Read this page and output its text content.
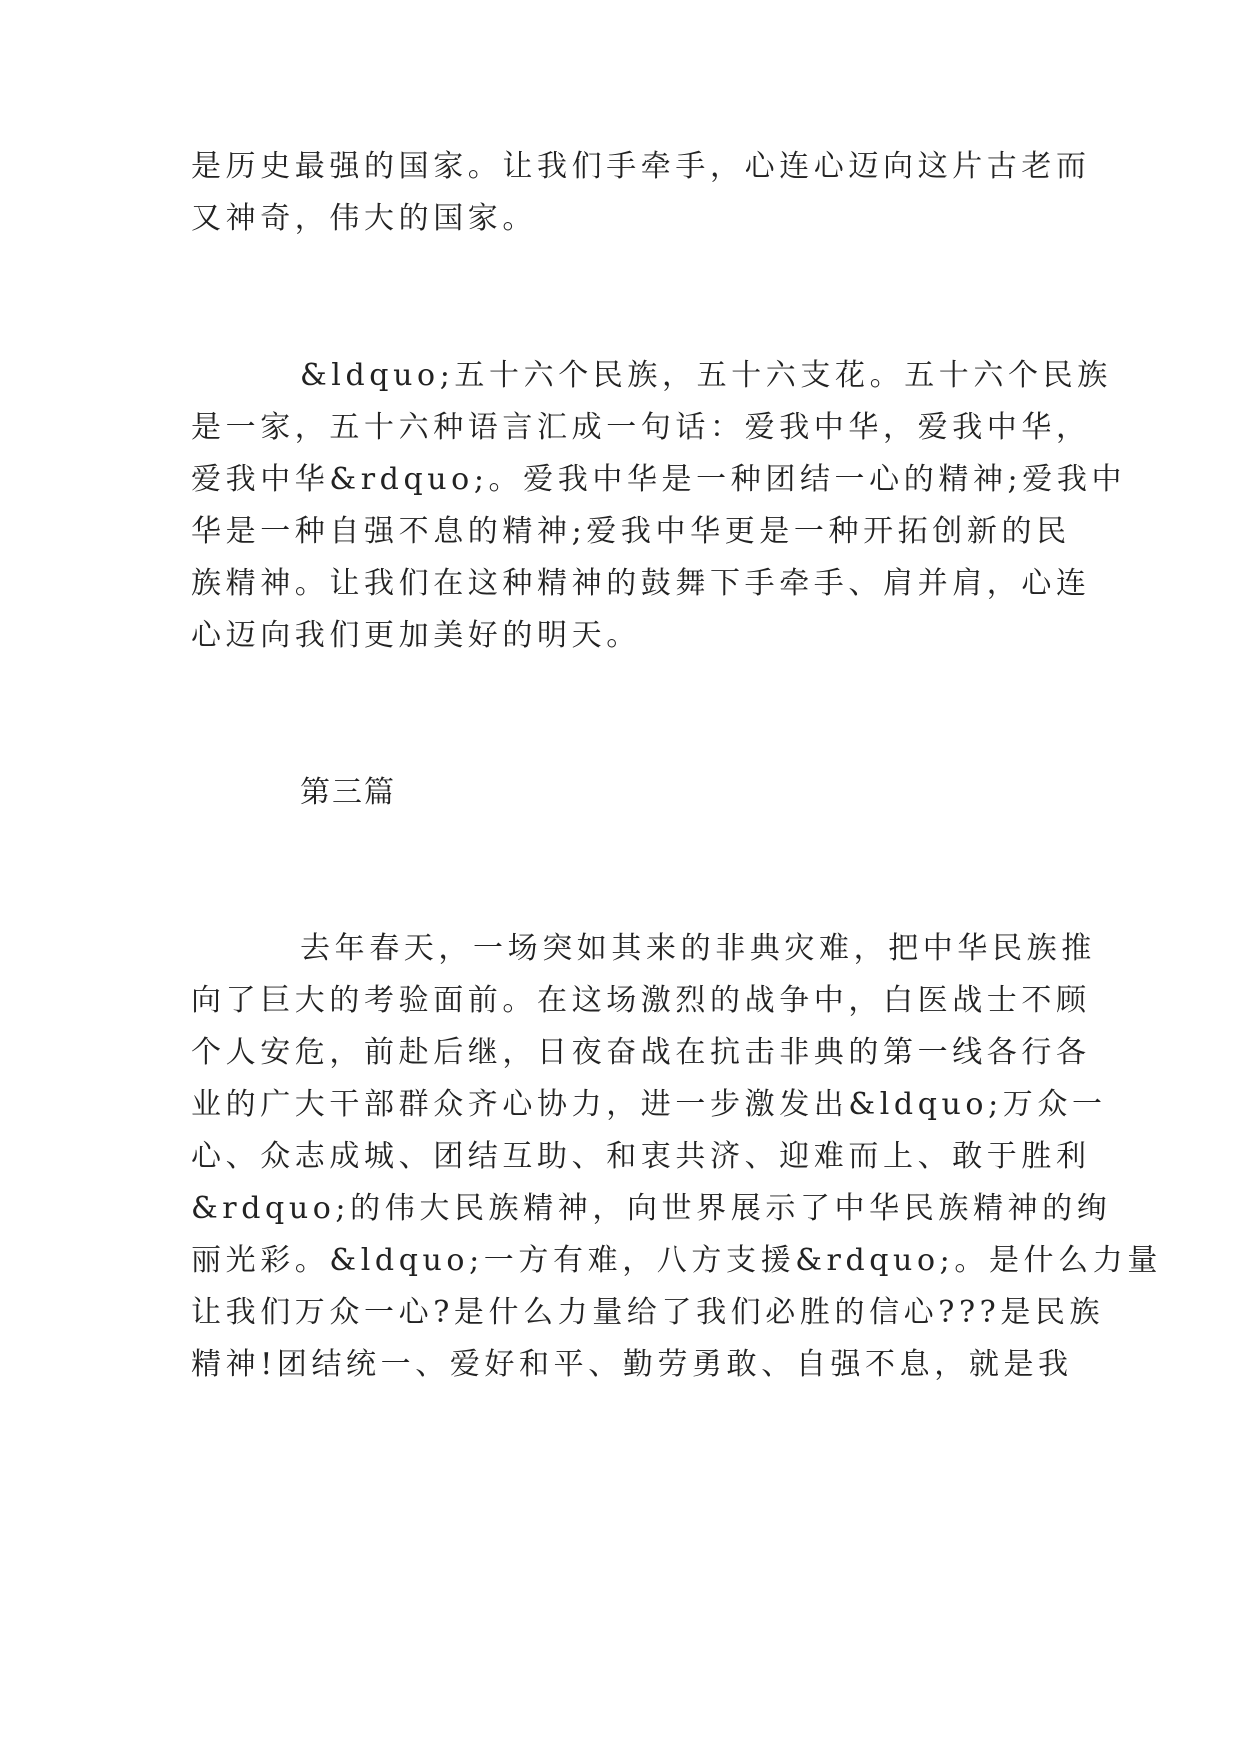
是历史最强的国家。让我们手牵手，心连心迈向这片古老而
又神奇，伟大的国家。
&ldquo;五十六个民族，五十六支花。五十六个民族
是一家，五十六种语言汇成一句话：爱我中华，爱我中华，
爱我中华&rdquo;。爱我中华是一种团结一心的精神;爱我中
华是一种自强不息的精神;爱我中华更是一种开拓创新的民
族精神。让我们在这种精神的鼓舞下手牵手、肩并肩，心连
心迈向我们更加美好的明天。
第三篇
去年春天，一场突如其来的非典灾难，把中华民族推
向了巨大的考验面前。在这场激烈的战争中，白医战士不顾
个人安危，前赴后继，日夜奋战在抗击非典的第一线各行各
业的广大干部群众齐心协力，进一步激发出&ldquo;万众一
心、众志成城、团结互助、和衷共济、迎难而上、敢于胜利
&rdquo;的伟大民族精神，向世界展示了中华民族精神的绚
丽光彩。&ldquo;一方有难，八方支援&rdquo;。是什么力量
让我们万众一心?是什么力量给了我们必胜的信心???是民族
精神!团结统一、爱好和平、勤劳勇敢、自强不息，就是我
